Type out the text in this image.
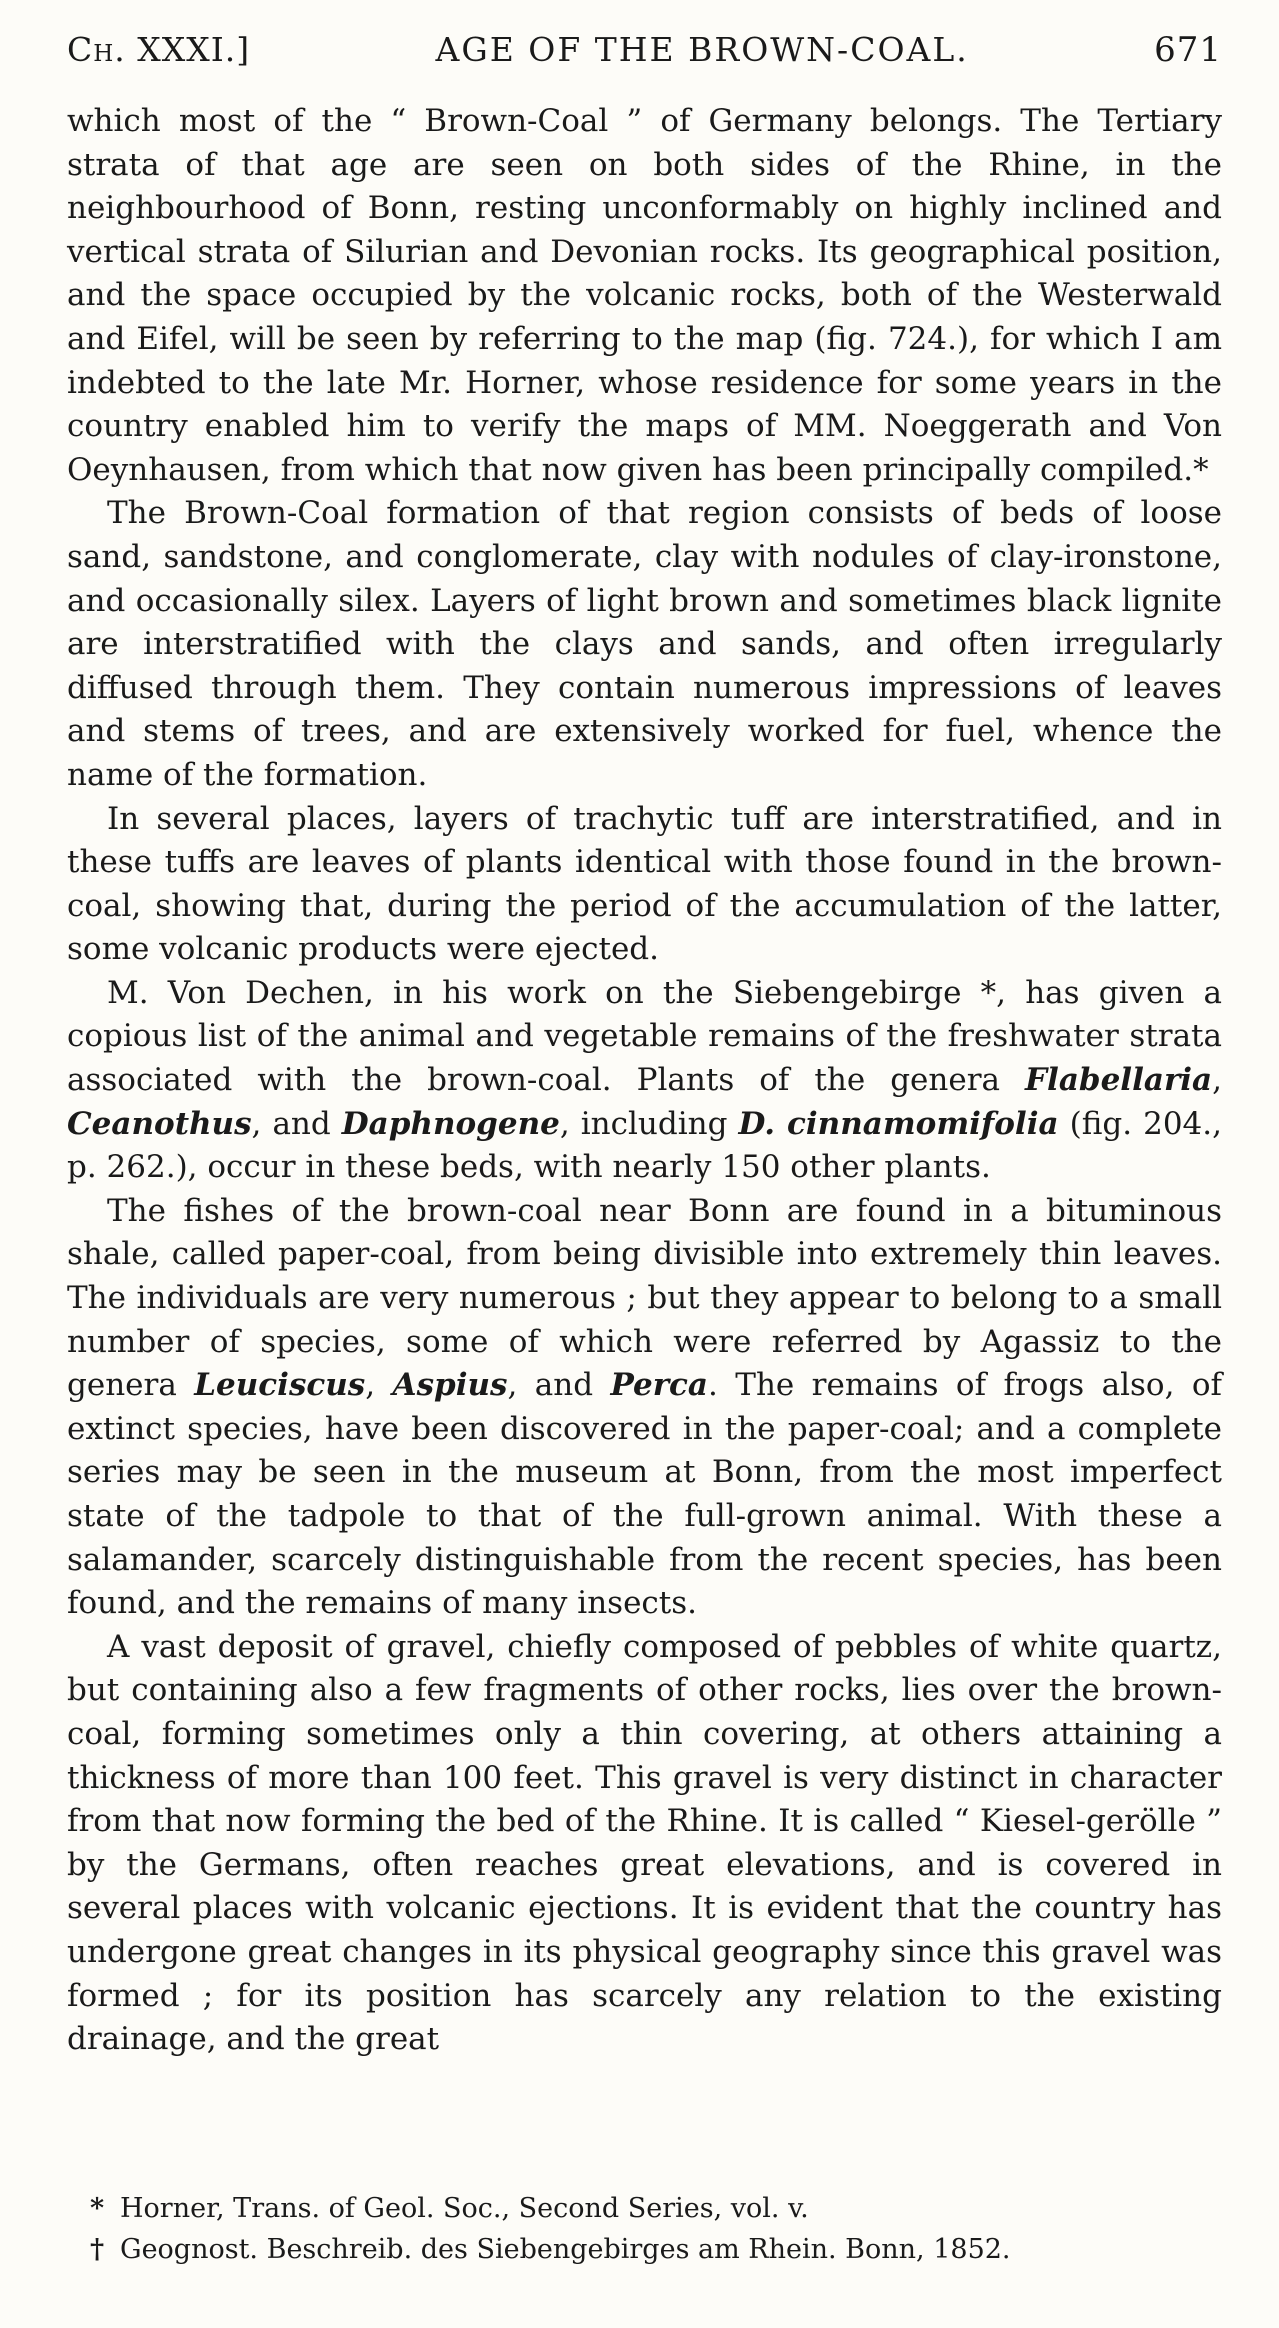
Ch. XXXI.]	AGE OF THE BROWN-COAL.	671

which most of the “ Brown-Coal ” of Germany belongs. The Tertiary strata of that age are seen on both sides of the Rhine, in the neighbourhood of Bonn, resting unconformably on highly inclined and vertical strata of Silurian and Devonian rocks. Its geographical position, and the space occupied by the volcanic rocks, both of the Westerwald and Eifel, will be seen by referring to the map (fig. 724.), for which I am indebted to the late Mr. Horner, whose residence for some years in the country enabled him to verify the maps of MM. Noeggerath and Von Oeynhausen, from which that now given has been principally compiled.*

The Brown-Coal formation of that region consists of beds of loose sand, sandstone, and conglomerate, clay with nodules of clay-ironstone, and occasionally silex. Layers of light brown and sometimes black lignite are interstratified with the clays and sands, and often irregularly diffused through them. They contain numerous impressions of leaves and stems of trees, and are extensively worked for fuel, whence the name of the formation.

In several places, layers of trachytic tuff are interstratified, and in these tuffs are leaves of plants identical with those found in the brown-coal, showing that, during the period of the accumulation of the latter, some volcanic products were ejected.

M. Von Dechen, in his work on the Siebengebirge *, has given a copious list of the animal and vegetable remains of the freshwater strata associated with the brown-coal. Plants of the genera Flabellaria, Ceanothus, and Daphnogene, including D. cinnamomifolia (fig. 204., p. 262.), occur in these beds, with nearly 150 other plants.

The fishes of the brown-coal near Bonn are found in a bituminous shale, called paper-coal, from being divisible into extremely thin leaves. The individuals are very numerous ; but they appear to belong to a small number of species, some of which were referred by Agassiz to the genera Leuciscus, Aspius, and Perca. The remains of frogs also, of extinct species, have been discovered in the paper-coal; and a complete series may be seen in the museum at Bonn, from the most imperfect state of the tadpole to that of the full-grown animal. With these a salamander, scarcely distinguishable from the recent species, has been found, and the remains of many insects.

A vast deposit of gravel, chiefly composed of pebbles of white quartz, but containing also a few fragments of other rocks, lies over the brown-coal, forming sometimes only a thin covering, at others attaining a thickness of more than 100 feet. This gravel is very distinct in character from that now forming the bed of the Rhine. It is called “ Kiesel-gerölle ” by the Germans, often reaches great elevations, and is covered in several places with volcanic ejections. It is evident that the country has undergone great changes in its physical geography since this gravel was formed ; for its position has scarcely any relation to the existing drainage, and the great

* Horner, Trans. of Geol. Soc., Second Series, vol. v.
† Geognost. Beschreib. des Siebengebirges am Rhein. Bonn, 1852.
